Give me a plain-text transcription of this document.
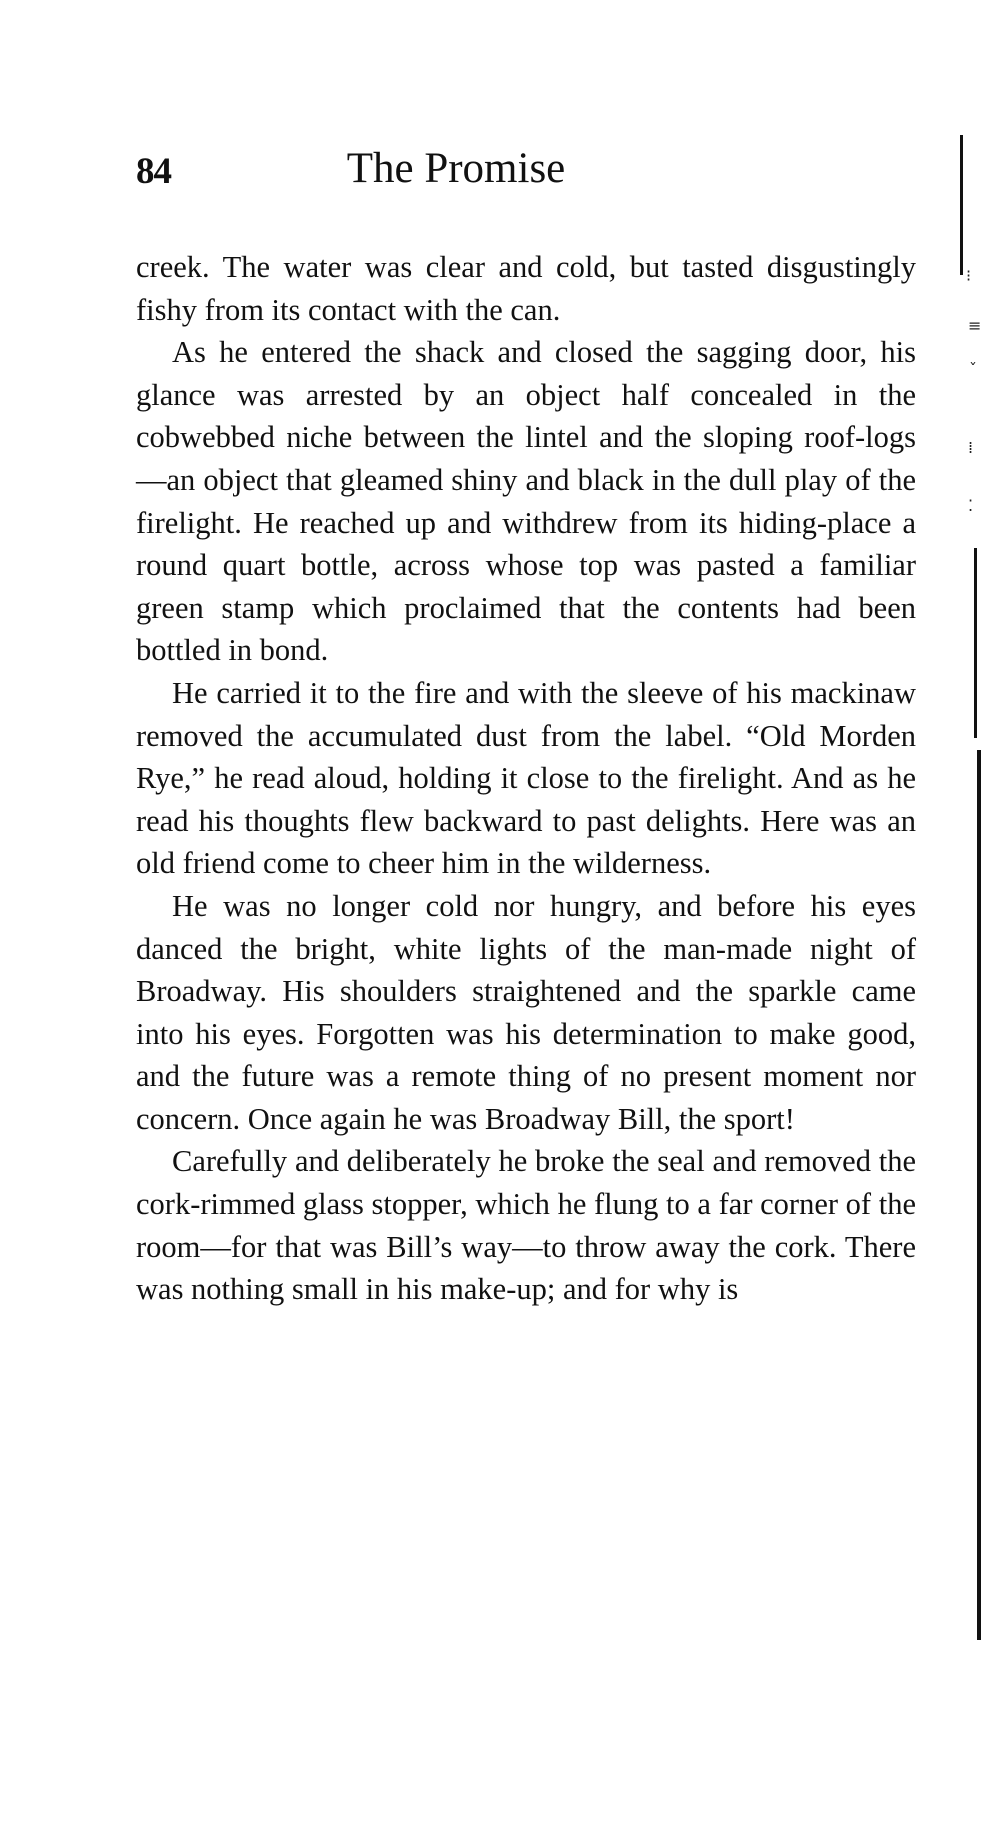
84	The Promise

creek. The water was clear and cold, but tasted disgustingly fishy from its contact with the can.

As he entered the shack and closed the sagging door, his glance was arrested by an object half concealed in the cobwebbed niche between the lintel and the sloping roof-logs—an object that gleamed shiny and black in the dull play of the firelight. He reached up and withdrew from its hiding-place a round quart bottle, across whose top was pasted a familiar green stamp which proclaimed that the contents had been bottled in bond.

He carried it to the fire and with the sleeve of his mackinaw removed the accumulated dust from the label. “Old Morden Rye,” he read aloud, holding it close to the firelight. And as he read his thoughts flew backward to past delights. Here was an old friend come to cheer him in the wilderness.

He was no longer cold nor hungry, and before his eyes danced the bright, white lights of the man-made night of Broadway. His shoulders straightened and the sparkle came into his eyes. Forgotten was his determination to make good, and the future was a remote thing of no present moment nor concern. Once again he was Broadway Bill, the sport!

Carefully and deliberately he broke the seal and removed the cork-rimmed glass stopper, which he flung to a far corner of the room—for that was Bill’s way—to throw away the cork. There was nothing small in his make-up; and for why is

⁝
≡
ˇ
⁞
⁚
